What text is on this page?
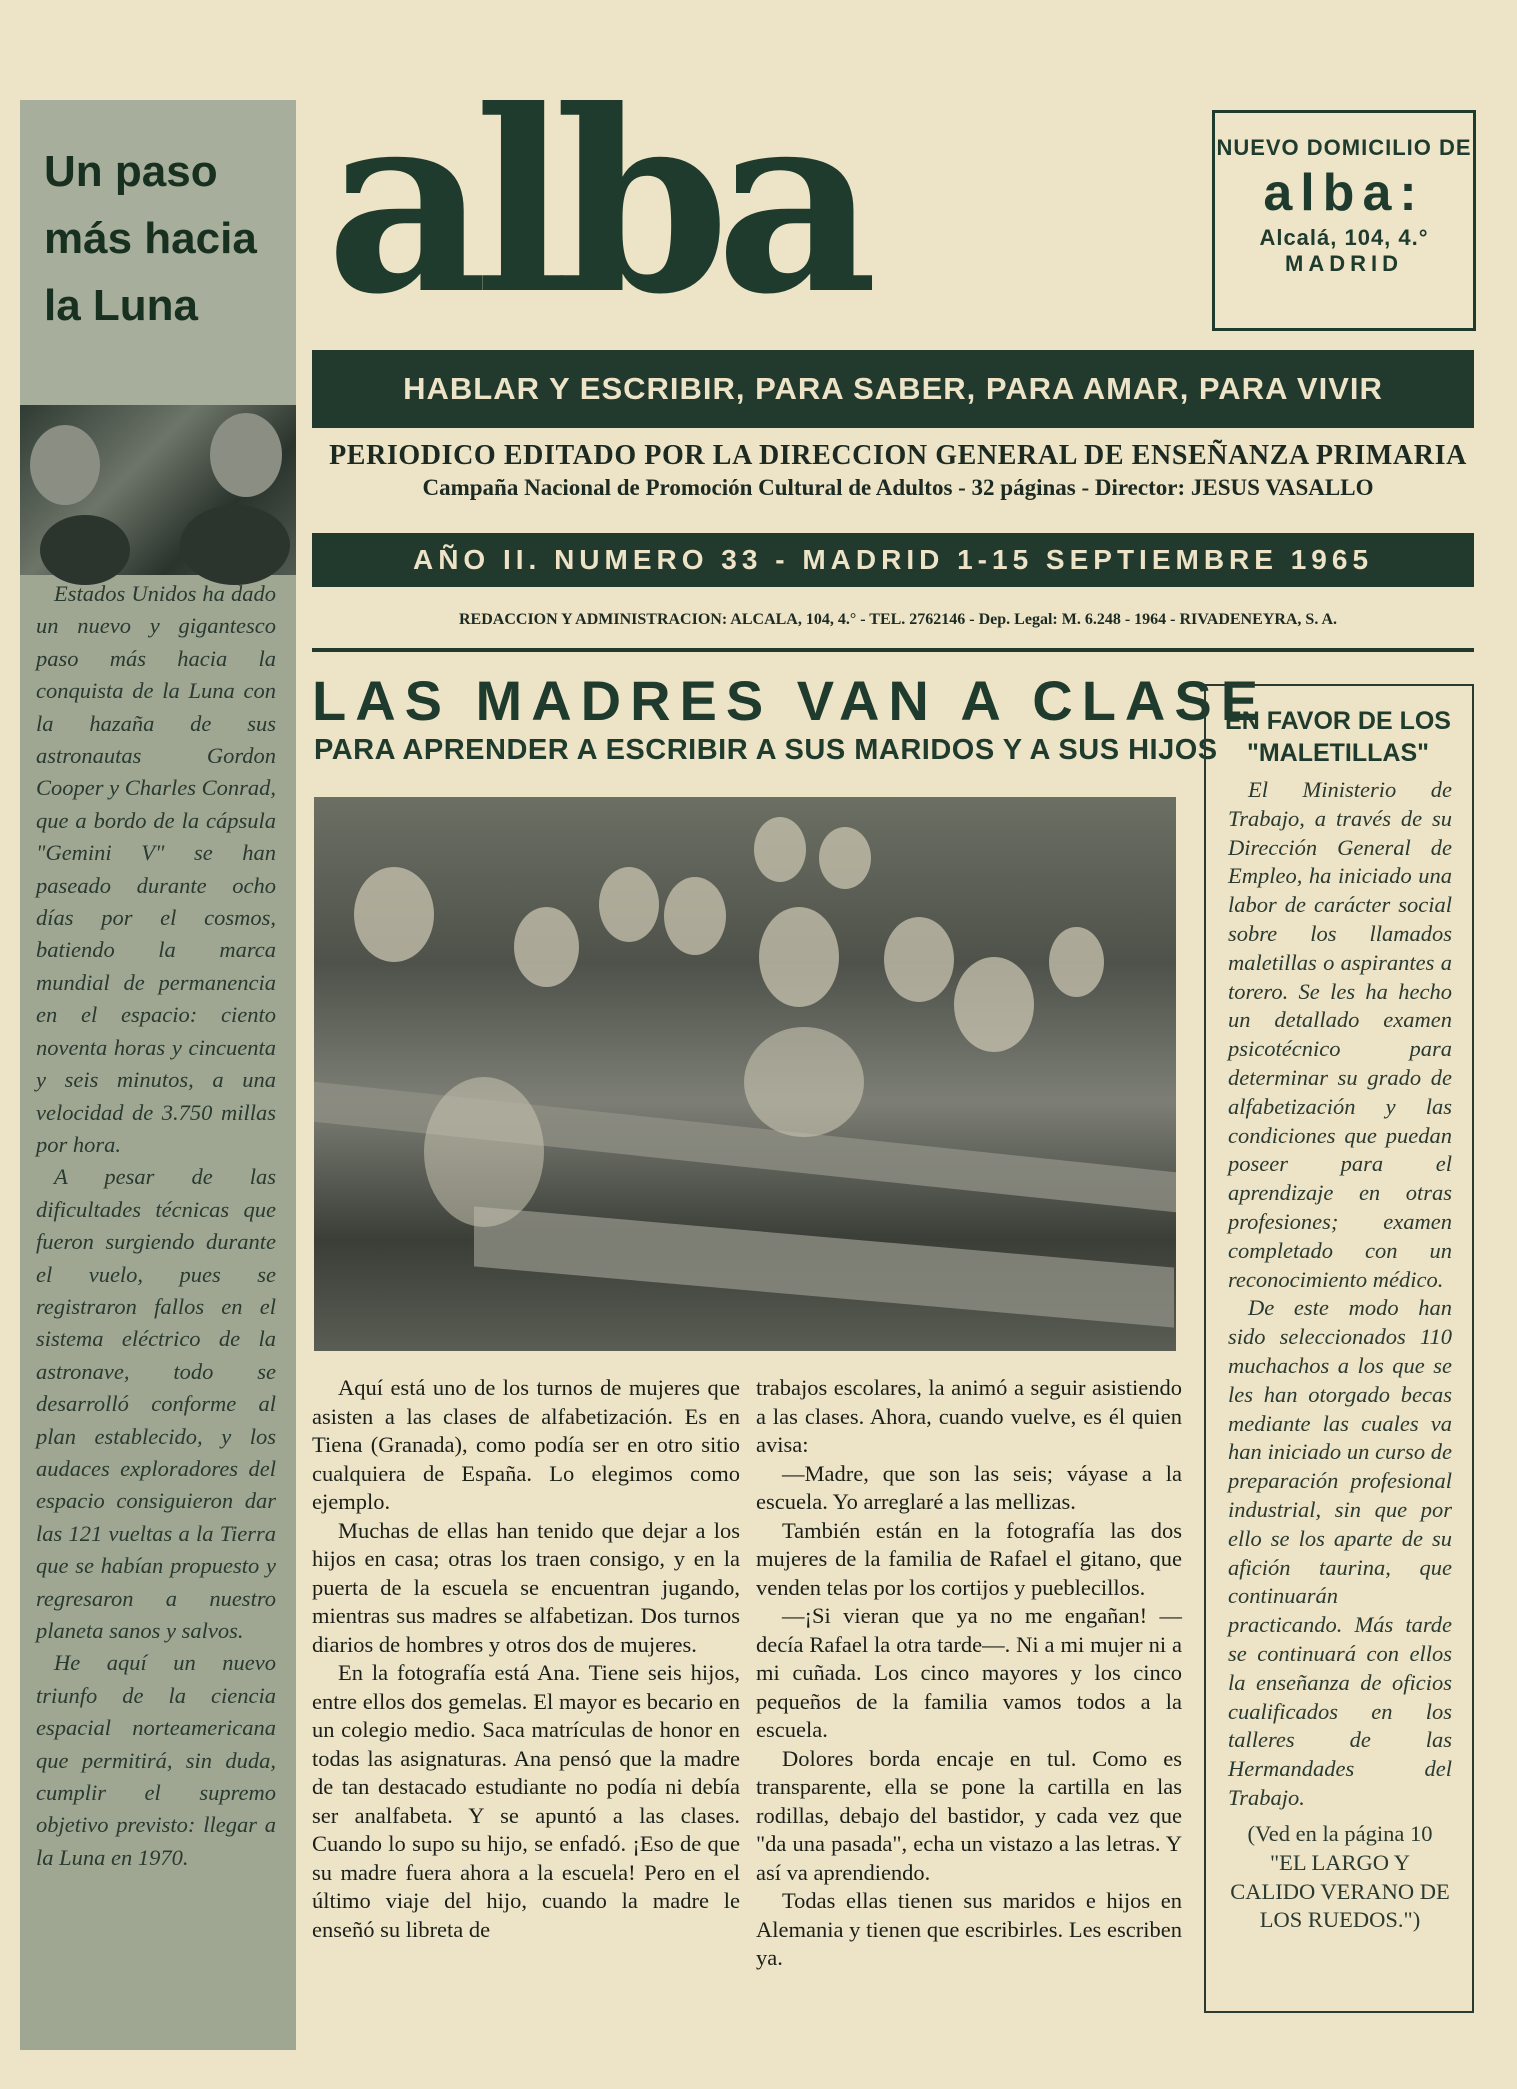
Un paso más hacia la Luna

Estados Unidos ha dado un nuevo y gigantesco paso más hacia la conquista de la Luna con la hazaña de sus astronautas Gordon Cooper y Charles Conrad, que a bordo de la cápsula "Gemini V" se han paseado durante ocho días por el cosmos, batiendo la marca mundial de permanencia en el espacio: ciento noventa horas y cincuenta y seis minutos, a una velocidad de 3.750 millas por hora.

A pesar de las dificultades técnicas que fueron surgiendo durante el vuelo, pues se registraron fallos en el sistema eléctrico de la astronave, todo se desarrolló conforme al plan establecido, y los audaces exploradores del espacio consiguieron dar las 121 vueltas a la Tierra que se habían propuesto y regresaron a nuestro planeta sanos y salvos.

He aquí un nuevo triunfo de la ciencia espacial norteamericana que permitirá, sin duda, cumplir el supremo objetivo previsto: llegar a la Luna en 1970.

alba	NUEVO DOMICILIO DE
alba:
Alcalá, 104, 4.°
MADRID
HABLAR Y ESCRIBIR, PARA SABER, PARA AMAR, PARA VIVIR
PERIODICO EDITADO POR LA DIRECCION GENERAL DE ENSEÑANZA PRIMARIA
Campaña Nacional de Promoción Cultural de Adultos - 32 páginas - Director: JESUS VASALLO
AÑO II. NUMERO 33 - MADRID 1-15 SEPTIEMBRE 1965
REDACCION Y ADMINISTRACION: ALCALA, 104, 4.° - TEL. 2762146 - Dep. Legal: M. 6.248 - 1964 - RIVADENEYRA, S. A.
LAS MADRES VAN A CLASE
PARA APRENDER A ESCRIBIR A SUS MARIDOS Y A SUS HIJOS

Aquí está uno de los turnos de mujeres que asisten a las clases de alfabetización. Es en Tiena (Granada), como podía ser en otro sitio cualquiera de España. Lo elegimos como ejemplo.

Muchas de ellas han tenido que dejar a los hijos en casa; otras los traen consigo, y en la puerta de la escuela se encuentran jugando, mientras sus madres se alfabetizan. Dos turnos diarios de hombres y otros dos de mujeres.

En la fotografía está Ana. Tiene seis hijos, entre ellos dos gemelas. El mayor es becario en un colegio medio. Saca matrículas de honor en todas las asignaturas. Ana pensó que la madre de tan destacado estudiante no podía ni debía ser analfabeta. Y se apuntó a las clases. Cuando lo supo su hijo, se enfadó. ¡Eso de que su madre fuera ahora a la escuela! Pero en el último viaje del hijo, cuando la madre le enseñó su libreta de

trabajos escolares, la animó a seguir asistiendo a las clases. Ahora, cuando vuelve, es él quien avisa:

—Madre, que son las seis; váyase a la escuela. Yo arreglaré a las mellizas.

También están en la fotografía las dos mujeres de la familia de Rafael el gitano, que venden telas por los cortijos y pueblecillos.

—¡Si vieran que ya no me engañan! —decía Rafael la otra tarde—. Ni a mi mujer ni a mi cuñada. Los cinco mayores y los cinco pequeños de la familia vamos todos a la escuela.

Dolores borda encaje en tul. Como es transparente, ella se pone la cartilla en las rodillas, debajo del bastidor, y cada vez que "da una pasada", echa un vistazo a las letras. Y así va aprendiendo.

Todas ellas tienen sus maridos e hijos en Alemania y tienen que escribirles. Les escriben ya.

EN FAVOR DE LOS "MALETILLAS"

El Ministerio de Trabajo, a través de su Dirección General de Empleo, ha iniciado una labor de carácter social sobre los llamados maletillas o aspirantes a torero. Se les ha hecho un detallado examen psicotécnico para determinar su grado de alfabetización y las condiciones que puedan poseer para el aprendizaje en otras profesiones; examen completado con un reconocimiento médico.

De este modo han sido seleccionados 110 muchachos a los que se les han otorgado becas mediante las cuales va han iniciado un curso de preparación profesional industrial, sin que por ello se los aparte de su afición taurina, que continuarán practicando. Más tarde se continuará con ellos la enseñanza de oficios cualificados en los talleres de las Hermandades del Trabajo.

(Ved en la página 10 "EL LARGO Y CALIDO VERANO DE LOS RUEDOS.")
